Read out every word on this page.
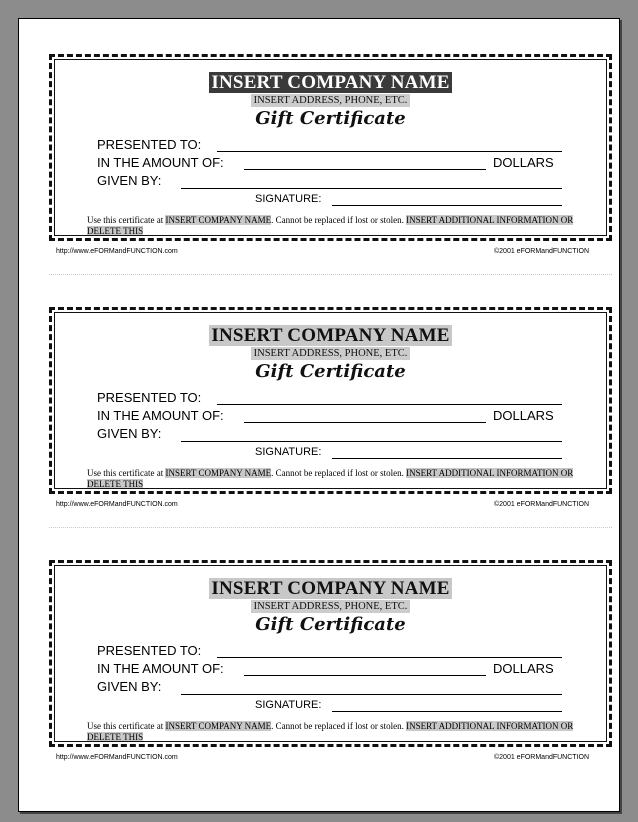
INSERT COMPANY NAME
INSERT ADDRESS, PHONE, ETC.
Gift Certificate
PRESENTED TO:
IN THE AMOUNT OF:	DOLLARS
GIVEN BY:
SIGNATURE:
Use this certificate at INSERT COMPANY NAME. Cannot be replaced if lost or stolen. INSERT ADDITIONAL INFORMATION OR DELETE THIS
http://www.eFORMandFUNCTION.com	©2001 eFORMandFUNCTION
INSERT COMPANY NAME
INSERT ADDRESS, PHONE, ETC.
Gift Certificate
PRESENTED TO:
IN THE AMOUNT OF:	DOLLARS
GIVEN BY:
SIGNATURE:
Use this certificate at INSERT COMPANY NAME. Cannot be replaced if lost or stolen. INSERT ADDITIONAL INFORMATION OR DELETE THIS
http://www.eFORMandFUNCTION.com	©2001 eFORMandFUNCTION
INSERT COMPANY NAME
INSERT ADDRESS, PHONE, ETC.
Gift Certificate
PRESENTED TO:
IN THE AMOUNT OF:	DOLLARS
GIVEN BY:
SIGNATURE:
Use this certificate at INSERT COMPANY NAME. Cannot be replaced if lost or stolen. INSERT ADDITIONAL INFORMATION OR DELETE THIS
http://www.eFORMandFUNCTION.com	©2001 eFORMandFUNCTION
